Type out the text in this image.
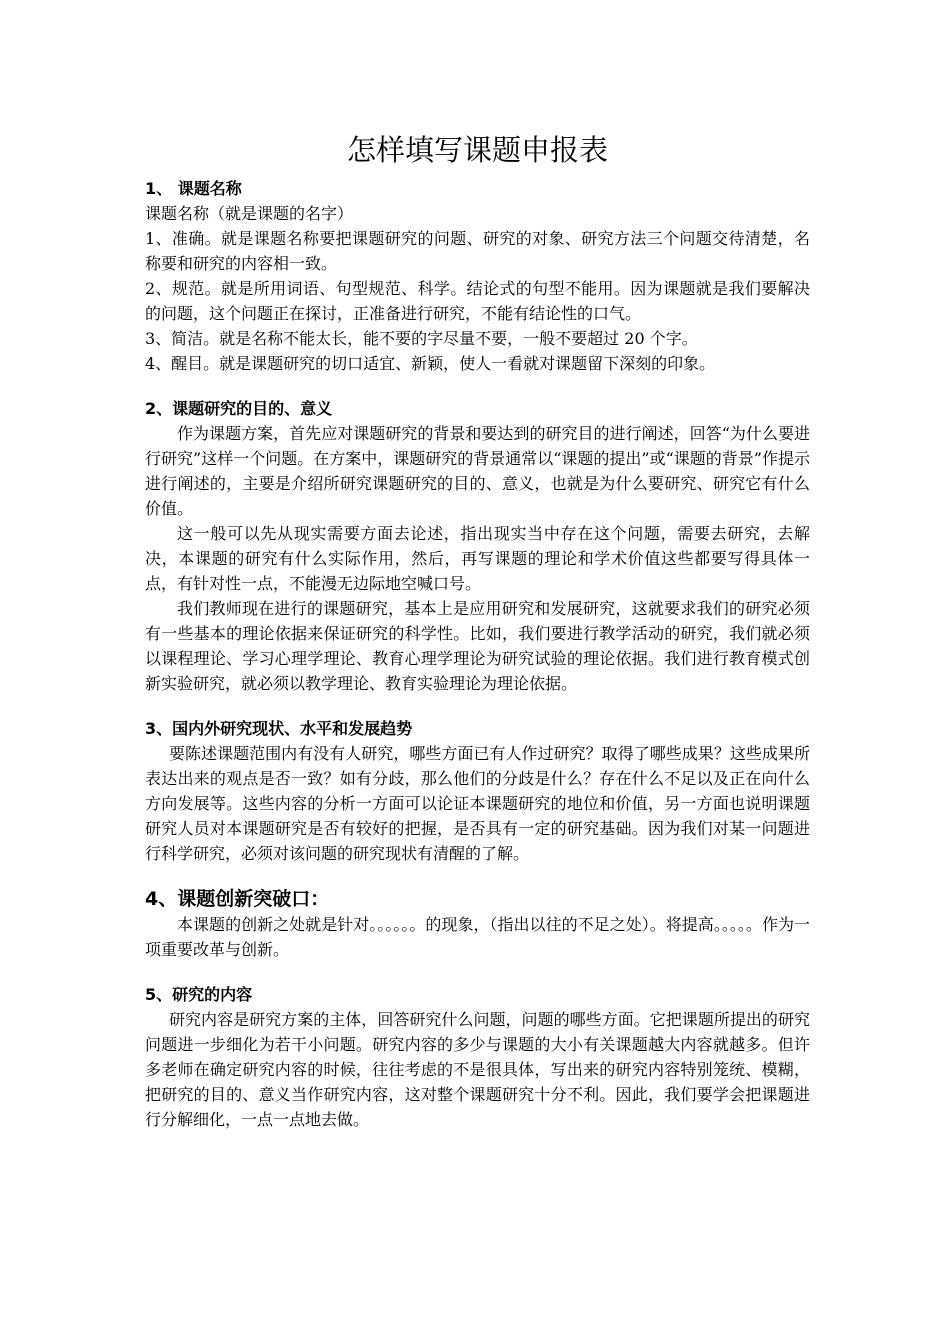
怎样填写课题申报表
1、 课题名称

课题名称（就是课题的名字）

1、准确。就是课题名称要把课题研究的问题、研究的对象、研究方法三个问题交待清楚，名称要和研究的内容相一致。

2、规范。就是所用词语、句型规范、科学。结论式的句型不能用。因为课题就是我们要解决的问题，这个问题正在探讨，正准备进行研究，不能有结论性的口气。

3、简洁。就是名称不能太长，能不要的字尽量不要，一般不要超过 20 个字。

4、醒目。就是课题研究的切口适宜、新颖，使人一看就对课题留下深刻的印象。

2、课题研究的目的、意义

作为课题方案，首先应对课题研究的背景和要达到的研究目的进行阐述，回答“为什么要进行研究”这样一个问题。在方案中，课题研究的背景通常以“课题的提出”或“课题的背景”作提示进行阐述的，主要是介绍所研究课题研究的目的、意义，也就是为什么要研究、研究它有什么价值。

这一般可以先从现实需要方面去论述，指出现实当中存在这个问题，需要去研究，去解决，本课题的研究有什么实际作用，然后，再写课题的理论和学术价值这些都要写得具体一点，有针对性一点，不能漫无边际地空喊口号。

我们教师现在进行的课题研究，基本上是应用研究和发展研究，这就要求我们的研究必须有一些基本的理论依据来保证研究的科学性。比如，我们要进行教学活动的研究，我们就必须以课程理论、学习心理学理论、教育心理学理论为研究试验的理论依据。我们进行教育模式创新实验研究，就必须以教学理论、教育实验理论为理论依据。

3、国内外研究现状、水平和发展趋势

要陈述课题范围内有没有人研究，哪些方面已有人作过研究？取得了哪些成果？这些成果所表达出来的观点是否一致？如有分歧，那么他们的分歧是什么？存在什么不足以及正在向什么方向发展等。这些内容的分析一方面可以论证本课题研究的地位和价值，另一方面也说明课题研究人员对本课题研究是否有较好的把握，是否具有一定的研究基础。因为我们对某一问题进行科学研究，必须对该问题的研究现状有清醒的了解。

4、课题创新突破口：

本课题的创新之处就是针对。。。。。。的现象，（指出以往的不足之处）。将提高。。。。。作为一项重要改革与创新。

5、研究的内容

研究内容是研究方案的主体，回答研究什么问题，问题的哪些方面。它把课题所提出的研究问题进一步细化为若干小问题。研究内容的多少与课题的大小有关课题越大内容就越多。但许多老师在确定研究内容的时候，往往考虑的不是很具体，写出来的研究内容特别笼统、模糊，把研究的目的、意义当作研究内容，这对整个课题研究十分不利。因此，我们要学会把课题进行分解细化，一点一点地去做。
